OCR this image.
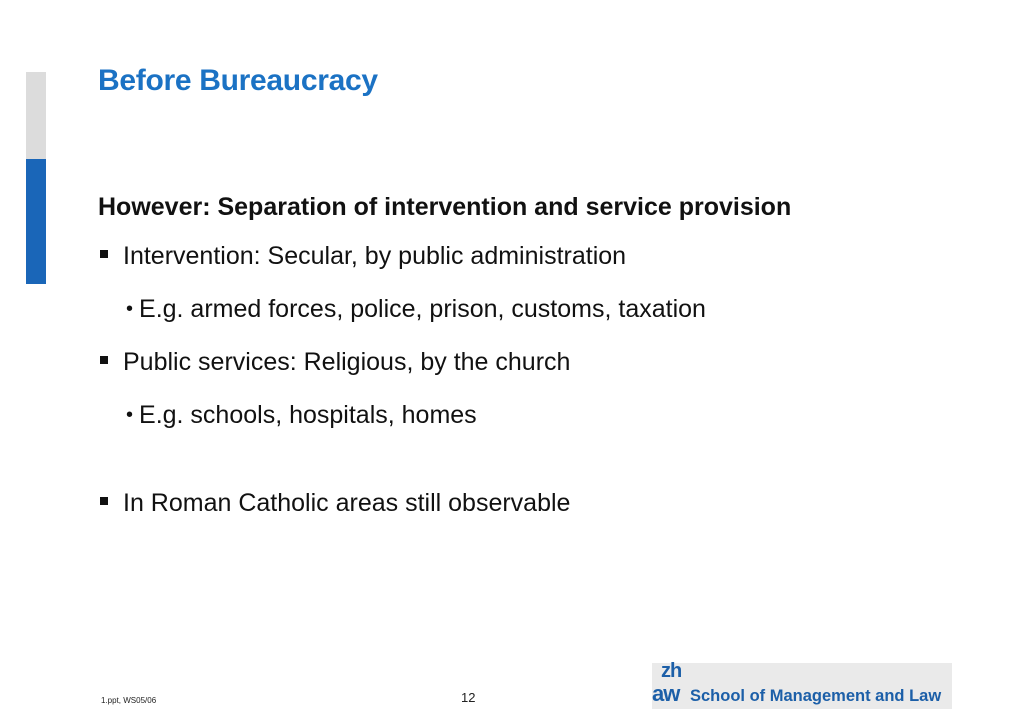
Before Bureaucracy
However: Separation of intervention and service provision
Intervention: Secular, by public administration
• E.g. armed forces, police, prison, customs, taxation
Public services: Religious, by the church
• E.g. schools, hospitals, homes
In Roman Catholic areas still observable
1.ppt, WS05/06	12
zh
aw School of Management and Law
